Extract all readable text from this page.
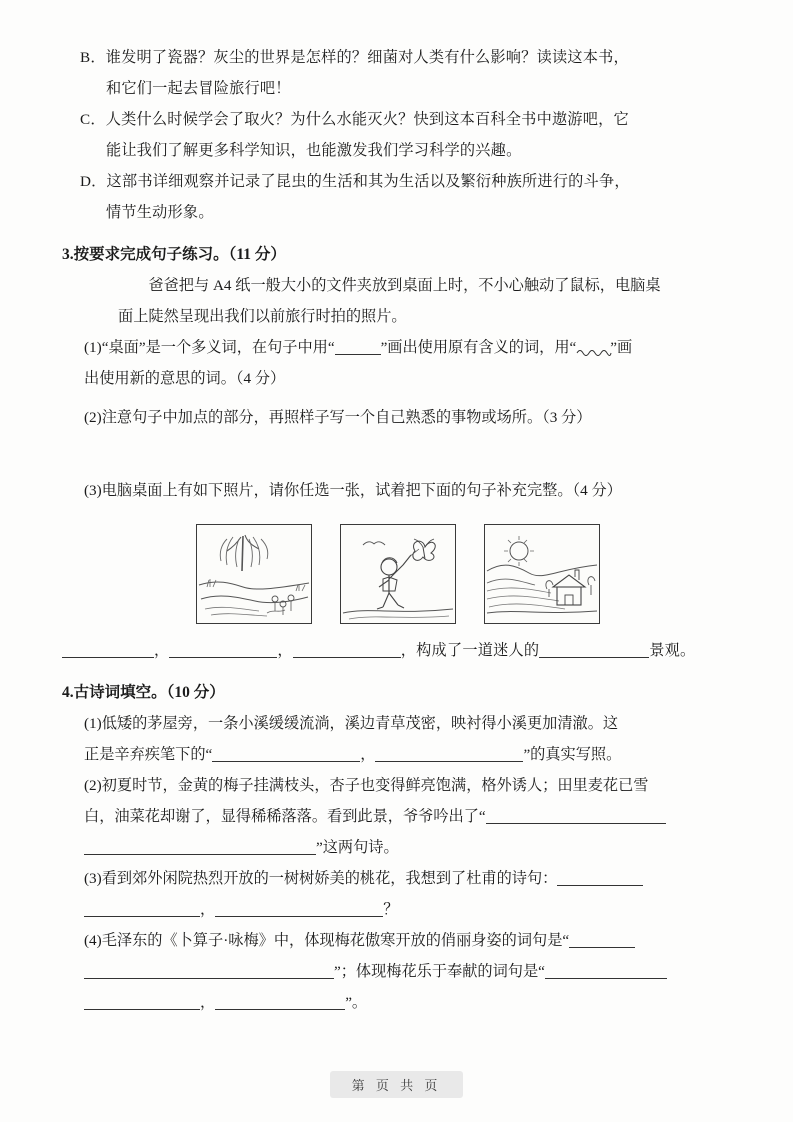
B．谁发明了瓷器？灰尘的世界是怎样的？细菌对人类有什么影响？读读这本书，
和它们一起去冒险旅行吧！
C．人类什么时候学会了取火？为什么水能灭火？快到这本百科全书中遨游吧，它
能让我们了解更多科学知识，也能激发我们学习科学的兴趣。
D．这部书详细观察并记录了昆虫的生活和其为生活以及繁衍种族所进行的斗争，
情节生动形象。
3.按要求完成句子练习。（11 分）
爸爸把与 A4 纸一般大小的文件夹放到桌面上时，不小心触动了鼠标，电脑桌
面上陡然呈现出我们以前旅行时拍的照片。
(1)“桌面”是一个多义词，在句子中用“	”画出使用原有含义的词，用“ ”画
出使用新的意思的词。（4 分）
(2)注意句子中加点的部分，再照样子写一个自己熟悉的事物或场所。（3 分）
(3)电脑桌面上有如下照片，请你任选一张，试着把下面的句子补充完整。（4 分）
，	，	，构成了一道迷人的	景观。
4.古诗词填空。（10 分）
(1)低矮的茅屋旁，一条小溪缓缓流淌，溪边青草茂密，映衬得小溪更加清澈。这
正是辛弃疾笔下的“	，	”的真实写照。
(2)初夏时节，金黄的梅子挂满枝头，杏子也变得鲜亮饱满，格外诱人；田里麦花已雪
白，油菜花却谢了，显得稀稀落落。看到此景，爷爷吟出了“
”这两句诗。
(3)看到郊外闲院热烈开放的一树树娇美的桃花，我想到了杜甫的诗句：
，	？
(4)毛泽东的《卜算子·咏梅》中，体现梅花傲寒开放的俏丽身姿的词句是“
”；体现梅花乐于奉献的词句是“
，	”。
第 页 共 页
